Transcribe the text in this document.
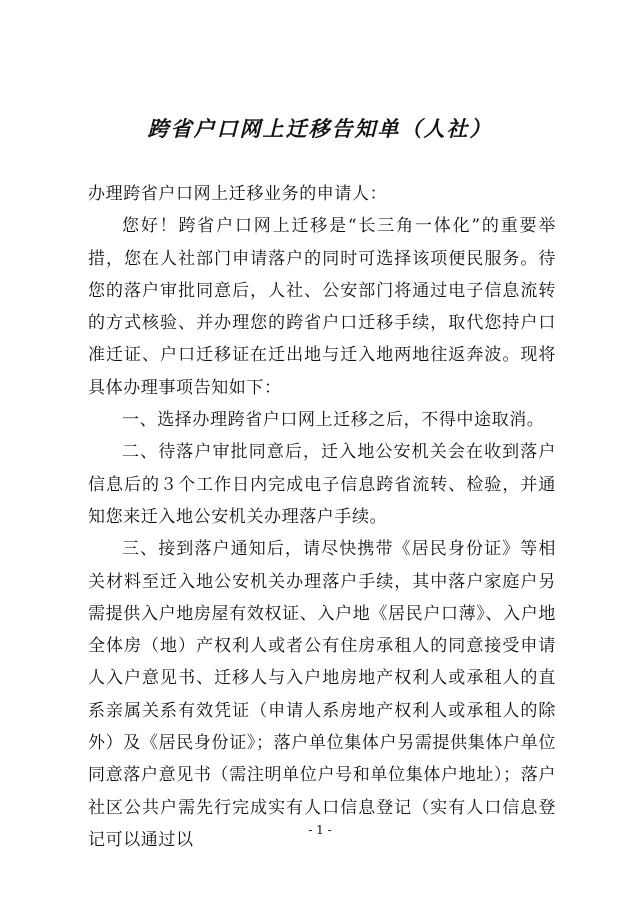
跨省户口网上迁移告知单（人社）

办理跨省户口网上迁移业务的申请人：

您好！跨省户口网上迁移是“长三角一体化”的重要举措，您在人社部门申请落户的同时可选择该项便民服务。待您的落户审批同意后，人社、公安部门将通过电子信息流转的方式核验、并办理您的跨省户口迁移手续，取代您持户口准迁证、户口迁移证在迁出地与迁入地两地往返奔波。现将具体办理事项告知如下：

一、选择办理跨省户口网上迁移之后，不得中途取消。

二、待落户审批同意后，迁入地公安机关会在收到落户信息后的３个工作日内完成电子信息跨省流转、检验，并通知您来迁入地公安机关办理落户手续。

三、接到落户通知后，请尽快携带《居民身份证》等相关材料至迁入地公安机关办理落户手续，其中落户家庭户另需提供入户地房屋有效权证、入户地《居民户口薄》、入户地全体房（地）产权利人或者公有住房承租人的同意接受申请人入户意见书、迁移人与入户地房地产权利人或承租人的直系亲属关系有效凭证（申请人系房地产权利人或承租人的除外）及《居民身份证》；落户单位集体户另需提供集体户单位同意落户意见书（需注明单位户号和单位集体户地址）；落户社区公共户需先行完成实有人口信息登记（实有人口信息登记可以通过以	- 1 -
